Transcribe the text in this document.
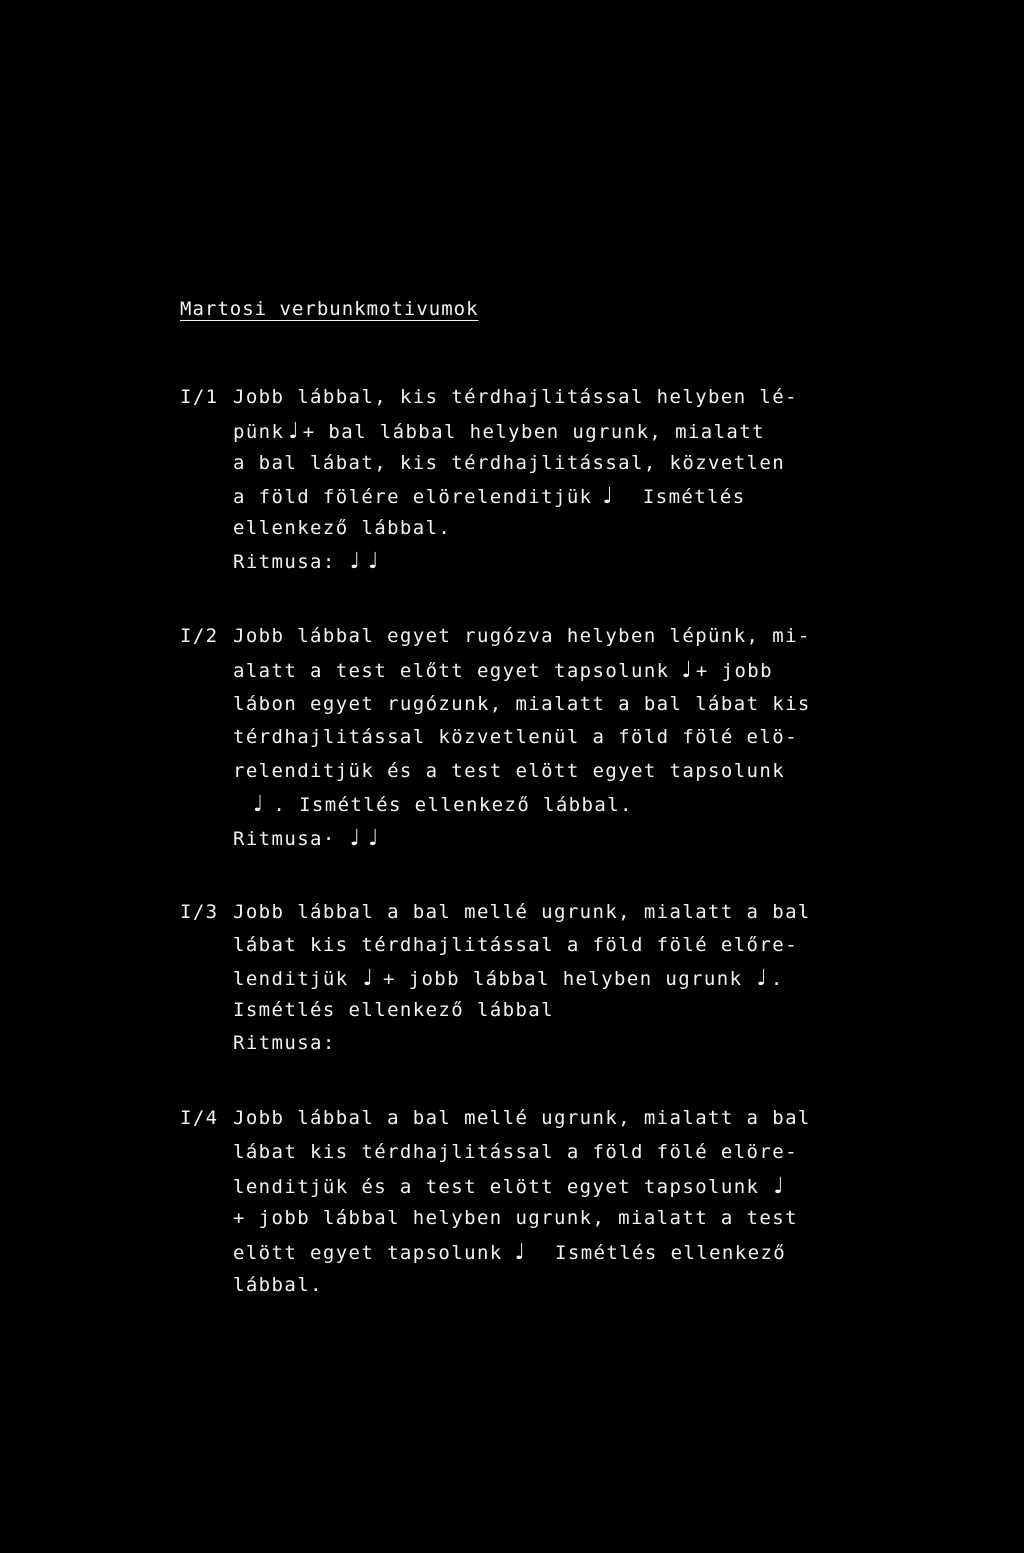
Martosi verbunkmotivumok
I/1 Jobb lábbal, kis térdhajlitással helyben lé-
pünk ♩ + bal lábbal helyben ugrunk, mialatt
a bal lábat, kis térdhajlitással, közvetlen
a föld fölére elörelenditjük ♩ Ismétlés
ellenkező lábbal.
Ritmusa: ♩ ♩
I/2 Jobb lábbal egyet rugózva helyben lépünk, mi-
alatt a test előtt egyet tapsolunk ♩ + jobb
lábon egyet rugózunk, mialatt a bal lábat kis
térdhajlitással közvetlenül a föld fölé elö-
relenditjük és a test elött egyet tapsolunk
♩ . Ismétlés ellenkező lábbal.
Ritmusa· ♩ ♩
I/3 Jobb lábbal a bal mellé ugrunk, mialatt a bal
lábat kis térdhajlitással a föld fölé előre-
lenditjük ♩ + jobb lábbal helyben ugrunk ♩ .
Ismétlés ellenkező lábbal
Ritmusa:
I/4 Jobb lábbal a bal mellé ugrunk, mialatt a bal
lábat kis térdhajlitással a föld fölé elöre-
lenditjük és a test elött egyet tapsolunk ♩
+ jobb lábbal helyben ugrunk, mialatt a test
elött egyet tapsolunk ♩ Ismétlés ellenkező
lábbal.
